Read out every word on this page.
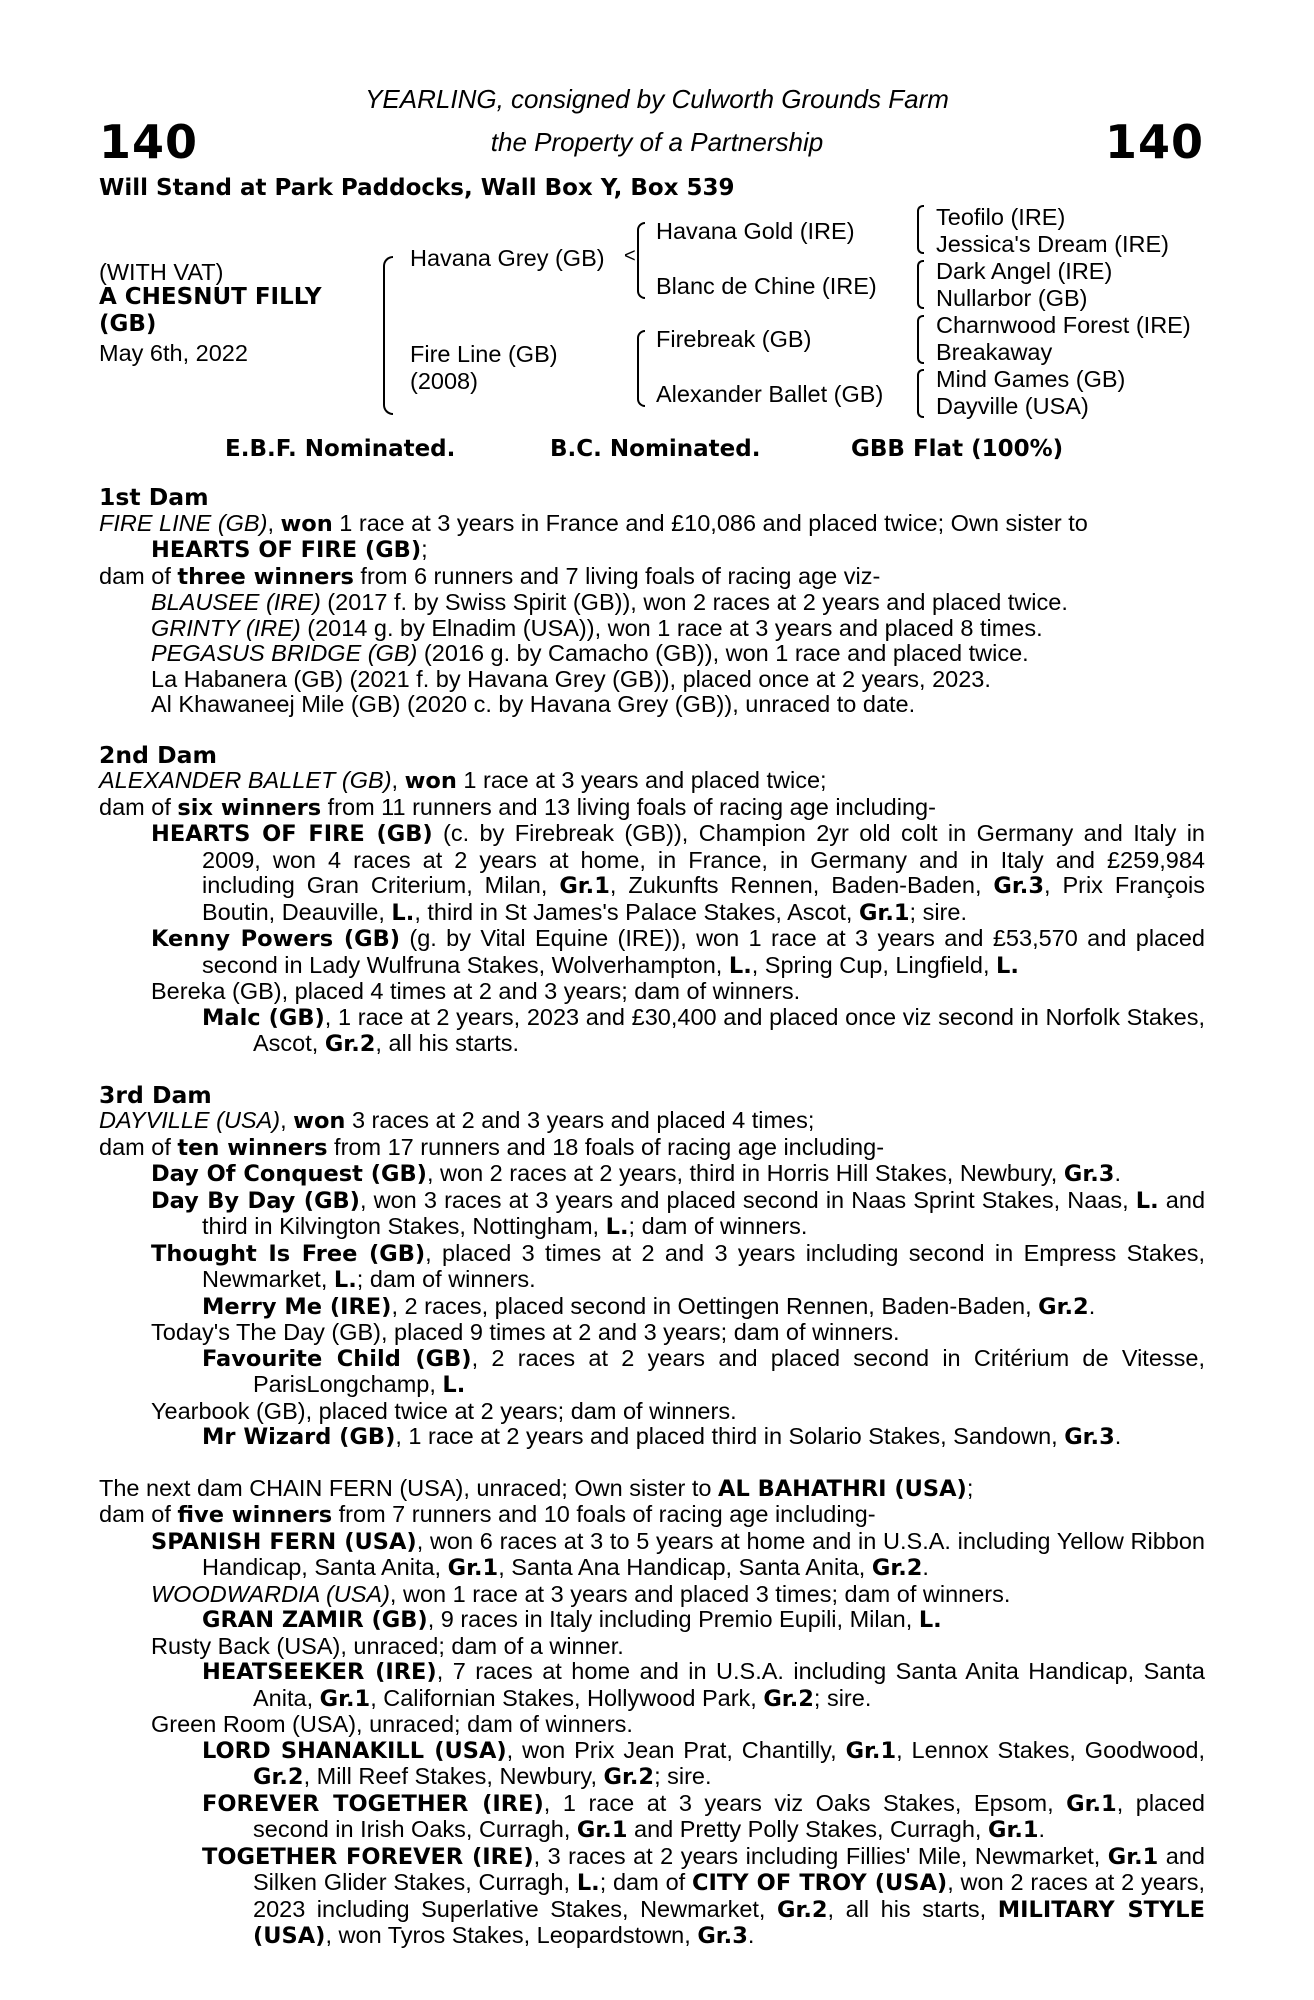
140	140
YEARLING, consigned by Culworth Grounds Farm
the Property of a Partnership
Will Stand at Park Paddocks, Wall Box Y, Box 539
(WITH VAT)
A CHESNUT FILLY
(GB)
May 6th, 2022
Havana Grey (GB)
Fire Line (GB)
(2008)
<
Havana Gold (IRE)
Blanc de Chine (IRE)
Firebreak (GB)
Alexander Ballet (GB)
Teofilo (IRE)
Jessica's Dream (IRE)
Dark Angel (IRE)
Nullarbor (GB)
Charnwood Forest (IRE)
Breakaway
Mind Games (GB)
Dayville (USA)
E.B.F. Nominated.	B.C. Nominated.	GBB Flat (100%)

1st Dam

FIRE LINE (GB), won 1 race at 3 years in France and £10,086 and placed twice; Own sister to

HEARTS OF FIRE (GB);

dam of three winners from 6 runners and 7 living foals of racing age viz-

BLAUSEE (IRE) (2017 f. by Swiss Spirit (GB)), won 2 races at 2 years and placed twice.

GRINTY (IRE) (2014 g. by Elnadim (USA)), won 1 race at 3 years and placed 8 times.

PEGASUS BRIDGE (GB) (2016 g. by Camacho (GB)), won 1 race and placed twice.

La Habanera (GB) (2021 f. by Havana Grey (GB)), placed once at 2 years, 2023.

Al Khawaneej Mile (GB) (2020 c. by Havana Grey (GB)), unraced to date.

2nd Dam

ALEXANDER BALLET (GB), won 1 race at 3 years and placed twice;

dam of six winners from 11 runners and 13 living foals of racing age including-

HEARTS OF FIRE (GB) (c. by Firebreak (GB)), Champion 2yr old colt in Germany and Italy in 2009, won 4 races at 2 years at home, in France, in Germany and in Italy and £259,984 including Gran Criterium, Milan, Gr.1, Zukunfts Rennen, Baden-Baden, Gr.3, Prix François Boutin, Deauville, L., third in St James's Palace Stakes, Ascot, Gr.1; sire.

Kenny Powers (GB) (g. by Vital Equine (IRE)), won 1 race at 3 years and £53,570 and placed second in Lady Wulfruna Stakes, Wolverhampton, L., Spring Cup, Lingfield, L.

Bereka (GB), placed 4 times at 2 and 3 years; dam of winners.

Malc (GB), 1 race at 2 years, 2023 and £30,400 and placed once viz second in Norfolk Stakes, Ascot, Gr.2, all his starts.

3rd Dam

DAYVILLE (USA), won 3 races at 2 and 3 years and placed 4 times;

dam of ten winners from 17 runners and 18 foals of racing age including-

Day Of Conquest (GB), won 2 races at 2 years, third in Horris Hill Stakes, Newbury, Gr.3.

Day By Day (GB), won 3 races at 3 years and placed second in Naas Sprint Stakes, Naas, L. and third in Kilvington Stakes, Nottingham, L.; dam of winners.

Thought Is Free (GB), placed 3 times at 2 and 3 years including second in Empress Stakes, Newmarket, L.; dam of winners.

Merry Me (IRE), 2 races, placed second in Oettingen Rennen, Baden-Baden, Gr.2.

Today's The Day (GB), placed 9 times at 2 and 3 years; dam of winners.

Favourite Child (GB), 2 races at 2 years and placed second in Critérium de Vitesse, ParisLongchamp, L.

Yearbook (GB), placed twice at 2 years; dam of winners.

Mr Wizard (GB), 1 race at 2 years and placed third in Solario Stakes, Sandown, Gr.3.

The next dam CHAIN FERN (USA), unraced; Own sister to AL BAHATHRI (USA);

dam of five winners from 7 runners and 10 foals of racing age including-

SPANISH FERN (USA), won 6 races at 3 to 5 years at home and in U.S.A. including Yellow Ribbon Handicap, Santa Anita, Gr.1, Santa Ana Handicap, Santa Anita, Gr.2.

WOODWARDIA (USA), won 1 race at 3 years and placed 3 times; dam of winners.

GRAN ZAMIR (GB), 9 races in Italy including Premio Eupili, Milan, L.

Rusty Back (USA), unraced; dam of a winner.

HEATSEEKER (IRE), 7 races at home and in U.S.A. including Santa Anita Handicap, Santa Anita, Gr.1, Californian Stakes, Hollywood Park, Gr.2; sire.

Green Room (USA), unraced; dam of winners.

LORD SHANAKILL (USA), won Prix Jean Prat, Chantilly, Gr.1, Lennox Stakes, Goodwood, Gr.2, Mill Reef Stakes, Newbury, Gr.2; sire.

FOREVER TOGETHER (IRE), 1 race at 3 years viz Oaks Stakes, Epsom, Gr.1, placed second in Irish Oaks, Curragh, Gr.1 and Pretty Polly Stakes, Curragh, Gr.1.

TOGETHER FOREVER (IRE), 3 races at 2 years including Fillies' Mile, Newmarket, Gr.1 and Silken Glider Stakes, Curragh, L.; dam of CITY OF TROY (USA), won 2 races at 2 years, 2023 including Superlative Stakes, Newmarket, Gr.2, all his starts, MILITARY STYLE (USA), won Tyros Stakes, Leopardstown, Gr.3.
